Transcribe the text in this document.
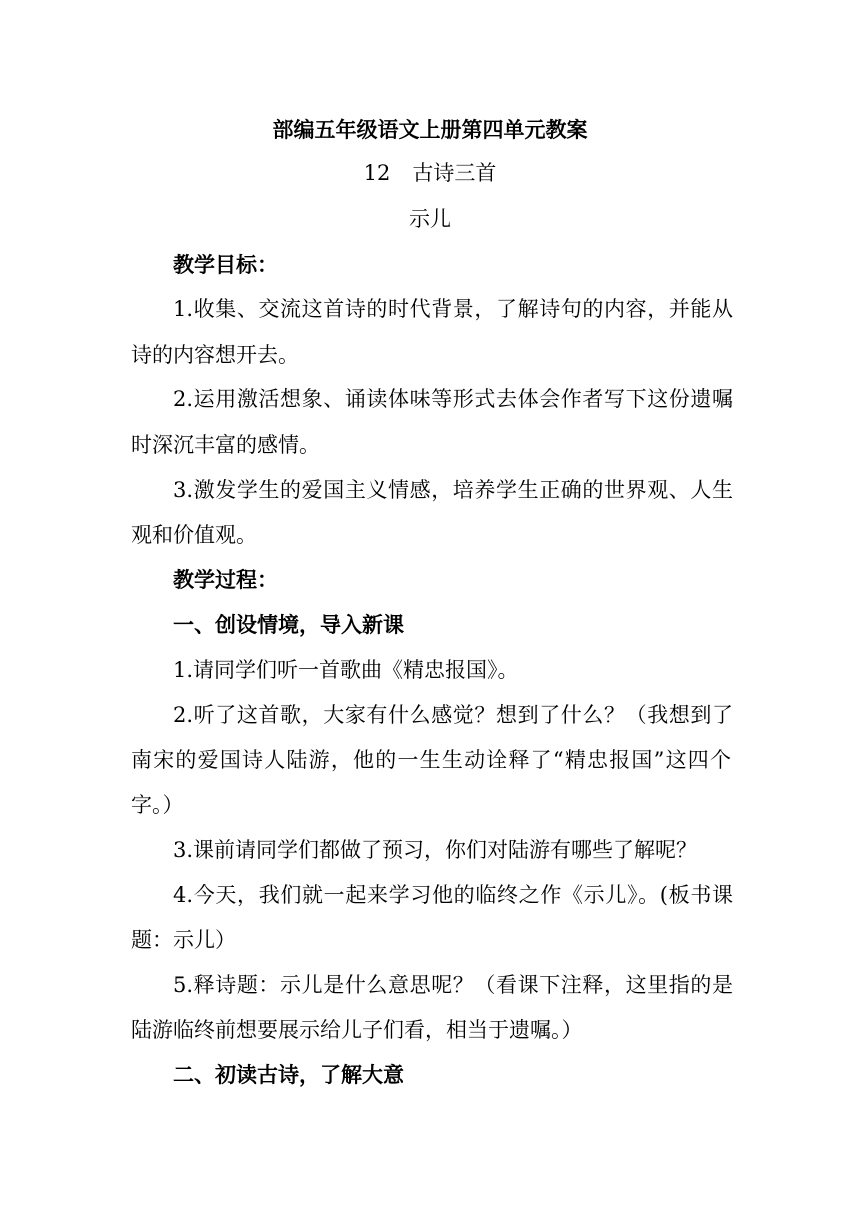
部编五年级语文上册第四单元教案
12 古诗三首
示儿
教学目标：
1.收集、交流这首诗的时代背景，了解诗句的内容，并能从
诗的内容想开去。
2.运用激活想象、诵读体味等形式去体会作者写下这份遗嘱
时深沉丰富的感情。
3.激发学生的爱国主义情感，培养学生正确的世界观、人生
观和价值观。
教学过程：
一、创设情境，导入新课
1.请同学们听一首歌曲《精忠报国》。
2.听了这首歌，大家有什么感觉？想到了什么？（我想到了
南宋的爱国诗人陆游，他的一生生动诠释了“精忠报国”这四个
字。）
3.课前请同学们都做了预习，你们对陆游有哪些了解呢？
4.今天，我们就一起来学习他的临终之作《示儿》。(板书课
题：示儿）
5.释诗题：示儿是什么意思呢？（看课下注释，这里指的是
陆游临终前想要展示给儿子们看，相当于遗嘱。）
二、初读古诗，了解大意
